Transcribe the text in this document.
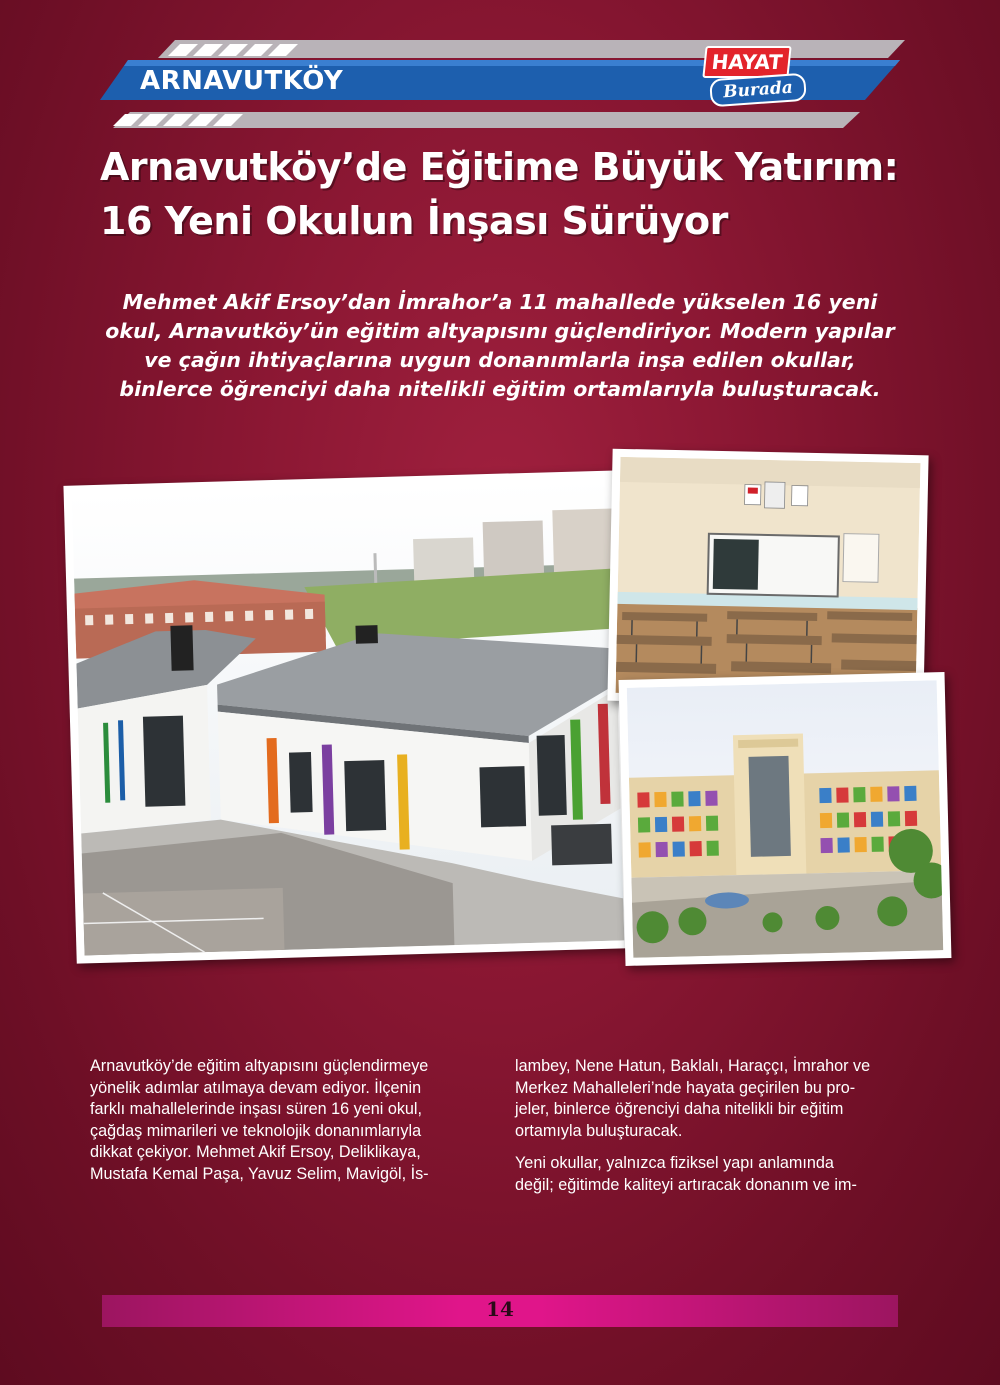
ARNAVUTKÖY
HAYAT
Burada
Arnavutköy’de Eğitime Büyük Yatırım:
16 Yeni Okulun İnşası Sürüyor
Mehmet Akif Ersoy’dan İmrahor’a 11 mahallede yükselen 16 yeni
okul, Arnavutköy’ün eğitim altyapısını güçlendiriyor. Modern yapılar
ve çağın ihtiyaçlarına uygun donanımlarla inşa edilen okullar,
binlerce öğrenciyi daha nitelikli eğitim ortamlarıyla buluşturacak.
Arnavutköy’de eğitim altyapısını güçlendirmeye
yönelik adımlar atılmaya devam ediyor. İlçenin
farklı mahallelerinde inşası süren 16 yeni okul,
çağdaş mimarileri ve teknolojik donanımlarıyla
dikkat çekiyor. Mehmet Akif Ersoy, Deliklikaya,
Mustafa Kemal Paşa, Yavuz Selim, Mavigöl, İs-
lambey, Nene Hatun, Baklalı, Haraççı, İmrahor ve
Merkez Mahalleleri’nde hayata geçirilen bu pro-
jeler, binlerce öğrenciyi daha nitelikli bir eğitim
ortamıyla buluşturacak.
Yeni okullar, yalnızca fiziksel yapı anlamında
değil; eğitimde kaliteyi artıracak donanım ve im-
14
